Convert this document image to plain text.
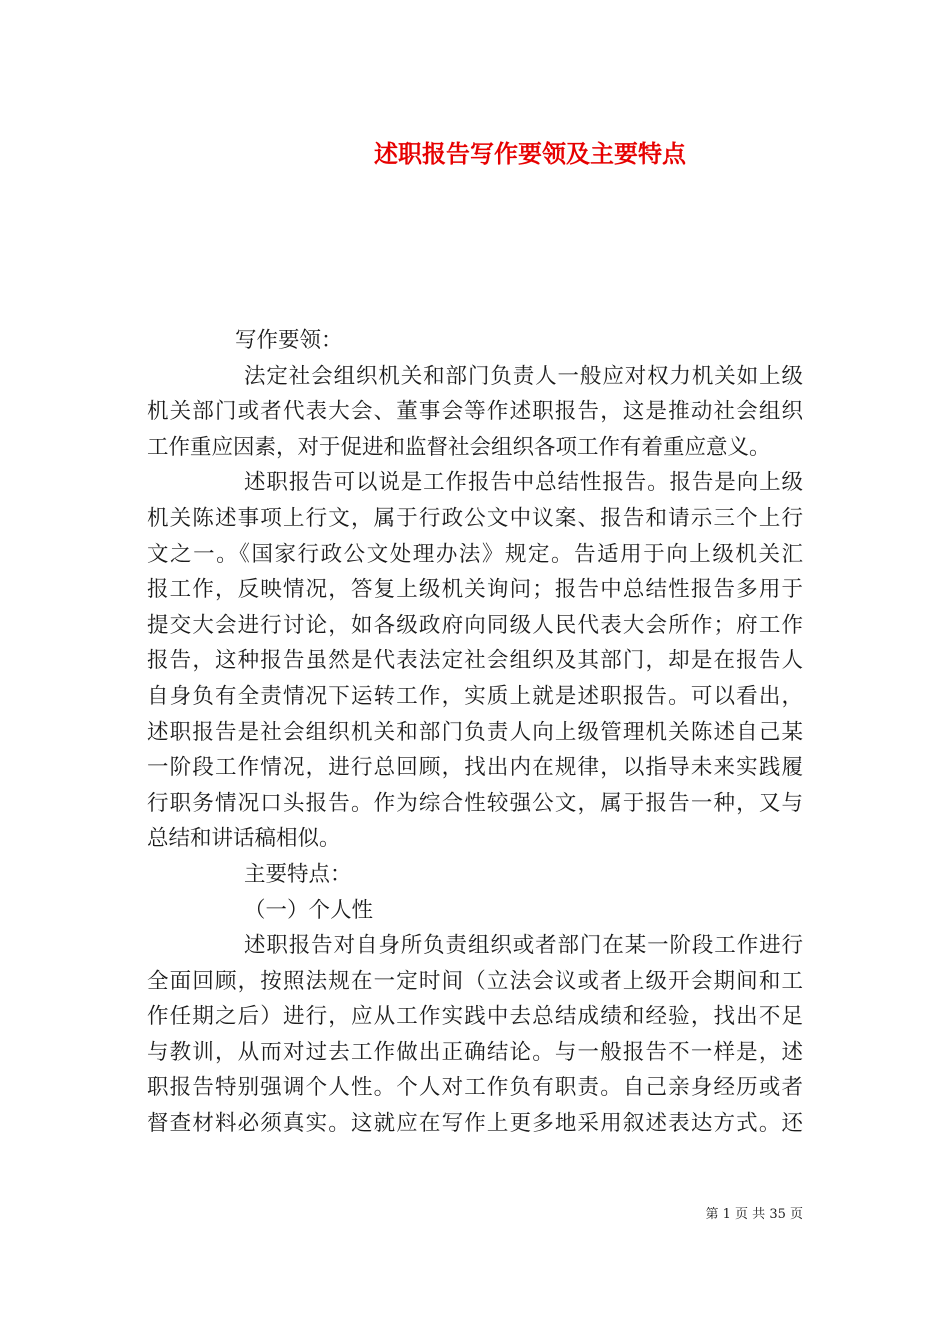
述职报告写作要领及主要特点
写作要领：
法定社会组织机关和部门负责人一般应对权力机关如上级
机关部门或者代表大会、董事会等作述职报告，这是推动社会组织
工作重应因素，对于促进和监督社会组织各项工作有着重应意义。
述职报告可以说是工作报告中总结性报告。报告是向上级
机关陈述事项上行文，属于行政公文中议案、报告和请示三个上行
文之一。《国家行政公文处理办法》规定。告适用于向上级机关汇
报工作，反映情况，答复上级机关询问；报告中总结性报告多用于
提交大会进行讨论，如各级政府向同级人民代表大会所作；府工作
报告，这种报告虽然是代表法定社会组织及其部门，却是在报告人
自身负有全责情况下运转工作，实质上就是述职报告。可以看出，
述职报告是社会组织机关和部门负责人向上级管理机关陈述自己某
一阶段工作情况，进行总回顾，找出内在规律，以指导未来实践履
行职务情况口头报告。作为综合性较强公文，属于报告一种，又与
总结和讲话稿相似。
主要特点：
（一）个人性
述职报告对自身所负责组织或者部门在某一阶段工作进行
全面回顾，按照法规在一定时间（立法会议或者上级开会期间和工
作任期之后）进行，应从工作实践中去总结成绩和经验，找出不足
与教训，从而对过去工作做出正确结论。与一般报告不一样是，述
职报告特别强调个人性。个人对工作负有职责。自己亲身经历或者
督查材料必须真实。这就应在写作上更多地采用叙述表达方式。还
第 1 页 共 35 页
